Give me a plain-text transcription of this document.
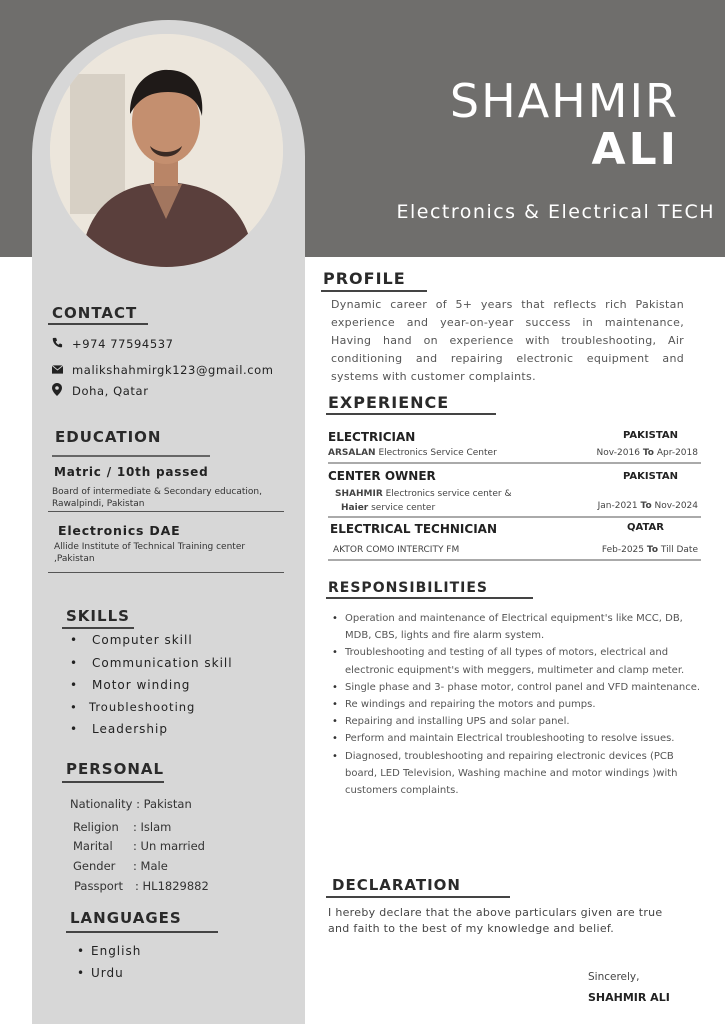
SHAHMIR
ALI
Electronics & Electrical TECH
CONTACT
+974 77594537
malikshahmirgk123@gmail.com
Doha, Qatar
EDUCATION
Matric / 10th passed
Board of intermediate & Secondary education, Rawalpindi, Pakistan
Electronics DAE
Allide Institute of Technical Training center ,Pakistan
SKILLS
• Computer skill
• Communication skill
• Motor winding
• Troubleshooting
• Leadership
PERSONAL
Nationality : Pakistan
Religion : Islam
Marital : Un married
Gender : Male
Passport : HL1829882
LANGUAGES
• English
• Urdu
PROFILE
Dynamic career of 5+ years that reflects rich Pakistan experience and year-on-year success in maintenance, Having hand on experience with troubleshooting, Air conditioning and repairing electronic equipment and systems with customer complaints.
EXPERIENCE
ELECTRICIAN	PAKISTAN
ARSALAN Electronics Service Center	Nov-2016 To Apr-2018
CENTER OWNER	PAKISTAN
SHAHMIR Electronics service center &
Haier service center	Jan-2021 To Nov-2024
ELECTRICAL TECHNICIAN	QATAR
AKTOR COMO INTERCITY FM	Feb-2025 To Till Date
RESPONSIBILITIES
• Operation and maintenance of Electrical equipment's like MCC, DB, MDB, CBS, lights and fire alarm system.
• Troubleshooting and testing of all types of motors, electrical and electronic equipment's with meggers, multimeter and clamp meter.
• Single phase and 3- phase motor, control panel and VFD maintenance.
• Re windings and repairing the motors and pumps.
• Repairing and installing UPS and solar panel.
• Perform and maintain Electrical troubleshooting to resolve issues.
• Diagnosed, troubleshooting and repairing electronic devices (PCB board, LED Television, Washing machine and motor windings )with customers complaints.
DECLARATION
I hereby declare that the above particulars given are true and faith to the best of my knowledge and belief.
Sincerely,
SHAHMIR ALI
